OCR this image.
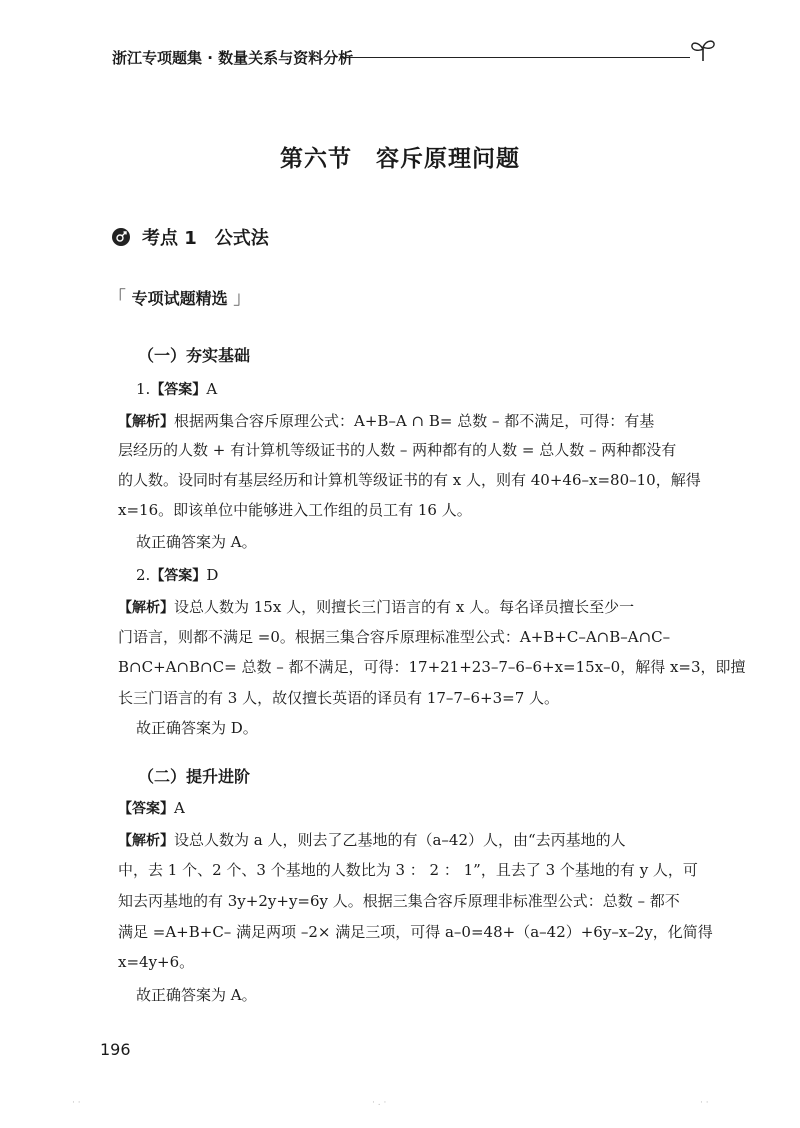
浙江专项题集 · 数量关系与资料分析
第六节　容斥原理问题
考点 1　公式法
「 专项试题精选 」
（一）夯实基础
1.【答案】A
【解析】根据两集合容斥原理公式：A+B–A ∩ B= 总数 – 都不满足，可得：有基
层经历的人数 + 有计算机等级证书的人数 – 两种都有的人数 = 总人数 – 两种都没有
的人数。设同时有基层经历和计算机等级证书的有 x 人，则有 40+46–x=80–10，解得
x=16。即该单位中能够进入工作组的员工有 16 人。
故正确答案为 A。
2.【答案】D
【解析】设总人数为 15x 人，则擅长三门语言的有 x 人。每名译员擅长至少一
门语言，则都不满足 =0。根据三集合容斥原理标准型公式：A+B+C–A∩B–A∩C–
B∩C+A∩B∩C= 总数 – 都不满足，可得：17+21+23–7–6–6+x=15x–0，解得 x=3，即擅
长三门语言的有 3 人，故仅擅长英语的译员有 17–7–6+3=7 人。
故正确答案为 D。
（二）提升进阶
【答案】A
【解析】设总人数为 a 人，则去了乙基地的有（a–42）人，由“去丙基地的人
中，去 1 个、2 个、3 个基地的人数比为 3 ： 2 ： 1”，且去了 3 个基地的有 y 人，可
知去丙基地的有 3y+2y+y=6y 人。根据三集合容斥原理非标准型公式：总数 – 都不
满足 =A+B+C– 满足两项 –2× 满足三项，可得 a–0=48+（a–42）+6y–x–2y，化简得
x=4y+6。
故正确答案为 A。
196
· ·	· . ·	· ·
